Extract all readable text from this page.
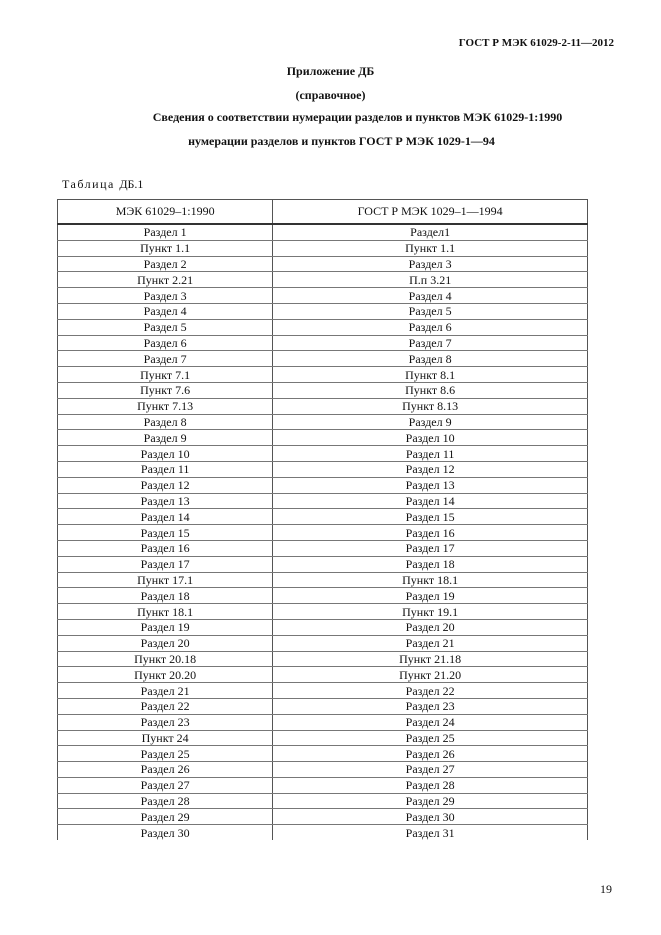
ГОСТ Р МЭК 61029-2-11—2012
Приложение ДБ
(справочное)
Сведения о соответствии нумерации разделов и пунктов МЭК 61029-1:1990
нумерации разделов и пунктов ГОСТ Р МЭК 1029-1—94
Таблица ДБ.1
МЭК 61029–1:1990	ГОСТ Р МЭК 1029–1—1994
Раздел 1	Раздел1
Пункт 1.1	Пункт 1.1
Раздел 2	Раздел 3
Пункт 2.21	П.п 3.21
Раздел 3	Раздел 4
Раздел 4	Раздел 5
Раздел 5	Раздел 6
Раздел 6	Раздел 7
Раздел 7	Раздел 8
Пункт 7.1	Пункт 8.1
Пункт 7.6	Пункт 8.6
Пункт 7.13	Пункт 8.13
Раздел 8	Раздел 9
Раздел 9	Раздел 10
Раздел 10	Раздел 11
Раздел 11	Раздел 12
Раздел 12	Раздел 13
Раздел 13	Раздел 14
Раздел 14	Раздел 15
Раздел 15	Раздел 16
Раздел 16	Раздел 17
Раздел 17	Раздел 18
Пункт 17.1	Пункт 18.1
Раздел 18	Раздел 19
Пункт 18.1	Пункт 19.1
Раздел 19	Раздел 20
Раздел 20	Раздел 21
Пункт 20.18	Пункт 21.18
Пункт 20.20	Пункт 21.20
Раздел 21	Раздел 22
Раздел 22	Раздел 23
Раздел 23	Раздел 24
Пункт 24	Раздел 25
Раздел 25	Раздел 26
Раздел 26	Раздел 27
Раздел 27	Раздел 28
Раздел 28	Раздел 29
Раздел 29	Раздел 30
Раздел 30	Раздел 31
19
